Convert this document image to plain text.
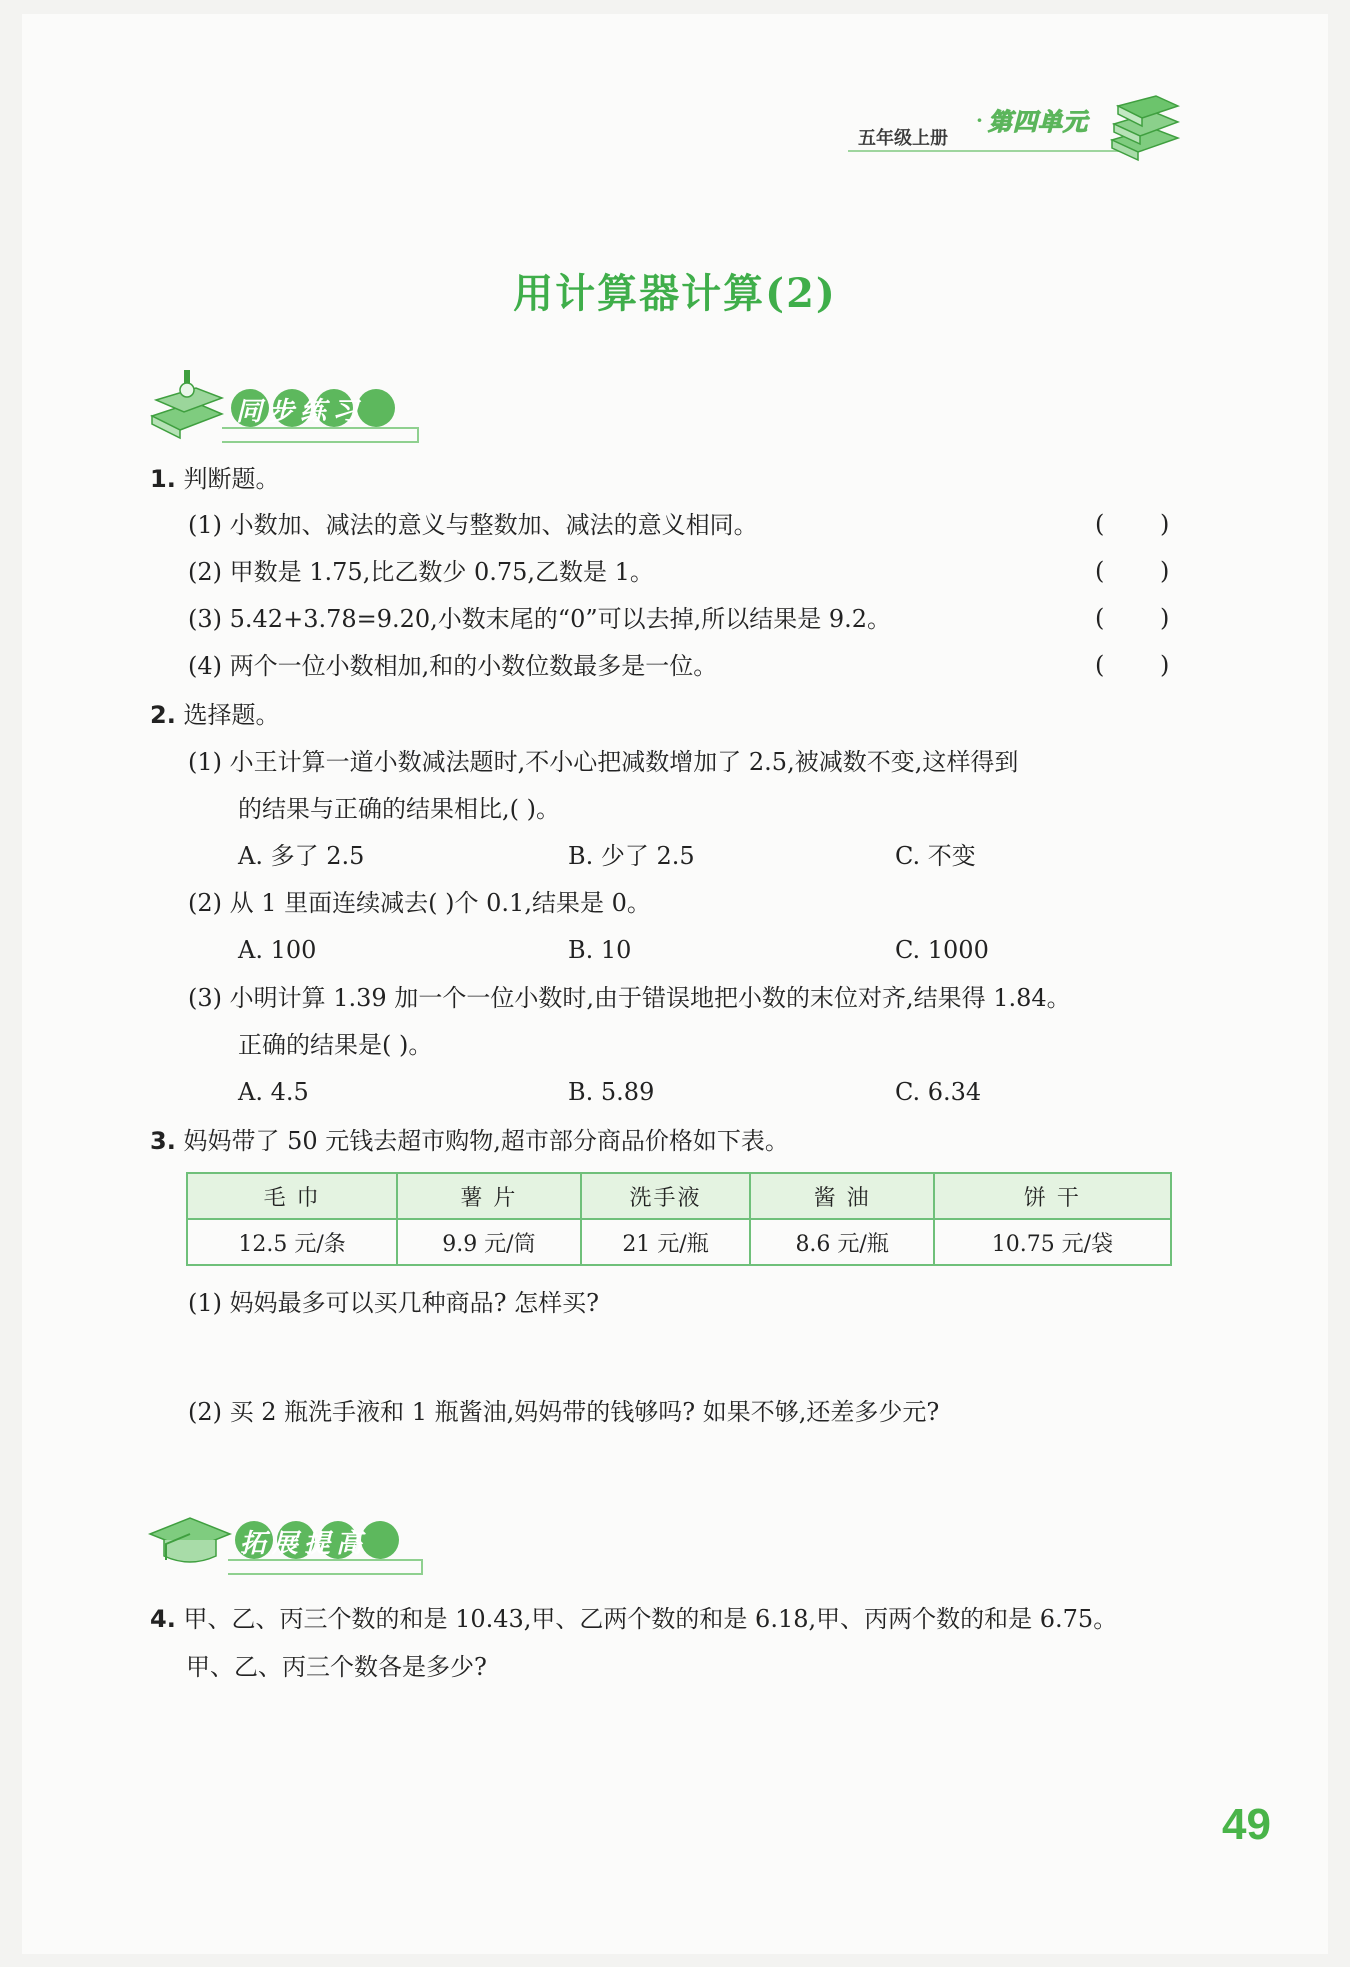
五年级上册
· 第四单元
用计算器计算(2)
同步练习
1. 判断题。
(1) 小数加、减法的意义与整数加、减法的意义相同。
(2) 甲数是 1.75,比乙数少 0.75,乙数是 1。
(3) 5.42+3.78=9.20,小数末尾的“0”可以去掉,所以结果是 9.2。
(4) 两个一位小数相加,和的小数位数最多是一位。
( )
( )
( )
( )
2. 选择题。
(1) 小王计算一道小数减法题时,不小心把减数增加了 2.5,被减数不变,这样得到
的结果与正确的结果相比,( )。
A. 多了 2.5	B. 少了 2.5	C. 不变
(2) 从 1 里面连续减去( )个 0.1,结果是 0。
A. 100	B. 10	C. 1000
(3) 小明计算 1.39 加一个一位小数时,由于错误地把小数的末位对齐,结果得 1.84。
正确的结果是( )。
A. 4.5	B. 5.89	C. 6.34
3. 妈妈带了 50 元钱去超市购物,超市部分商品价格如下表。
毛 巾	薯 片	洗手液	酱 油	饼 干
12.5 元/条	9.9 元/筒	21 元/瓶	8.6 元/瓶	10.75 元/袋
(1) 妈妈最多可以买几种商品? 怎样买?
(2) 买 2 瓶洗手液和 1 瓶酱油,妈妈带的钱够吗? 如果不够,还差多少元?
拓展提高
4. 甲、乙、丙三个数的和是 10.43,甲、乙两个数的和是 6.18,甲、丙两个数的和是 6.75。
甲、乙、丙三个数各是多少?
49
